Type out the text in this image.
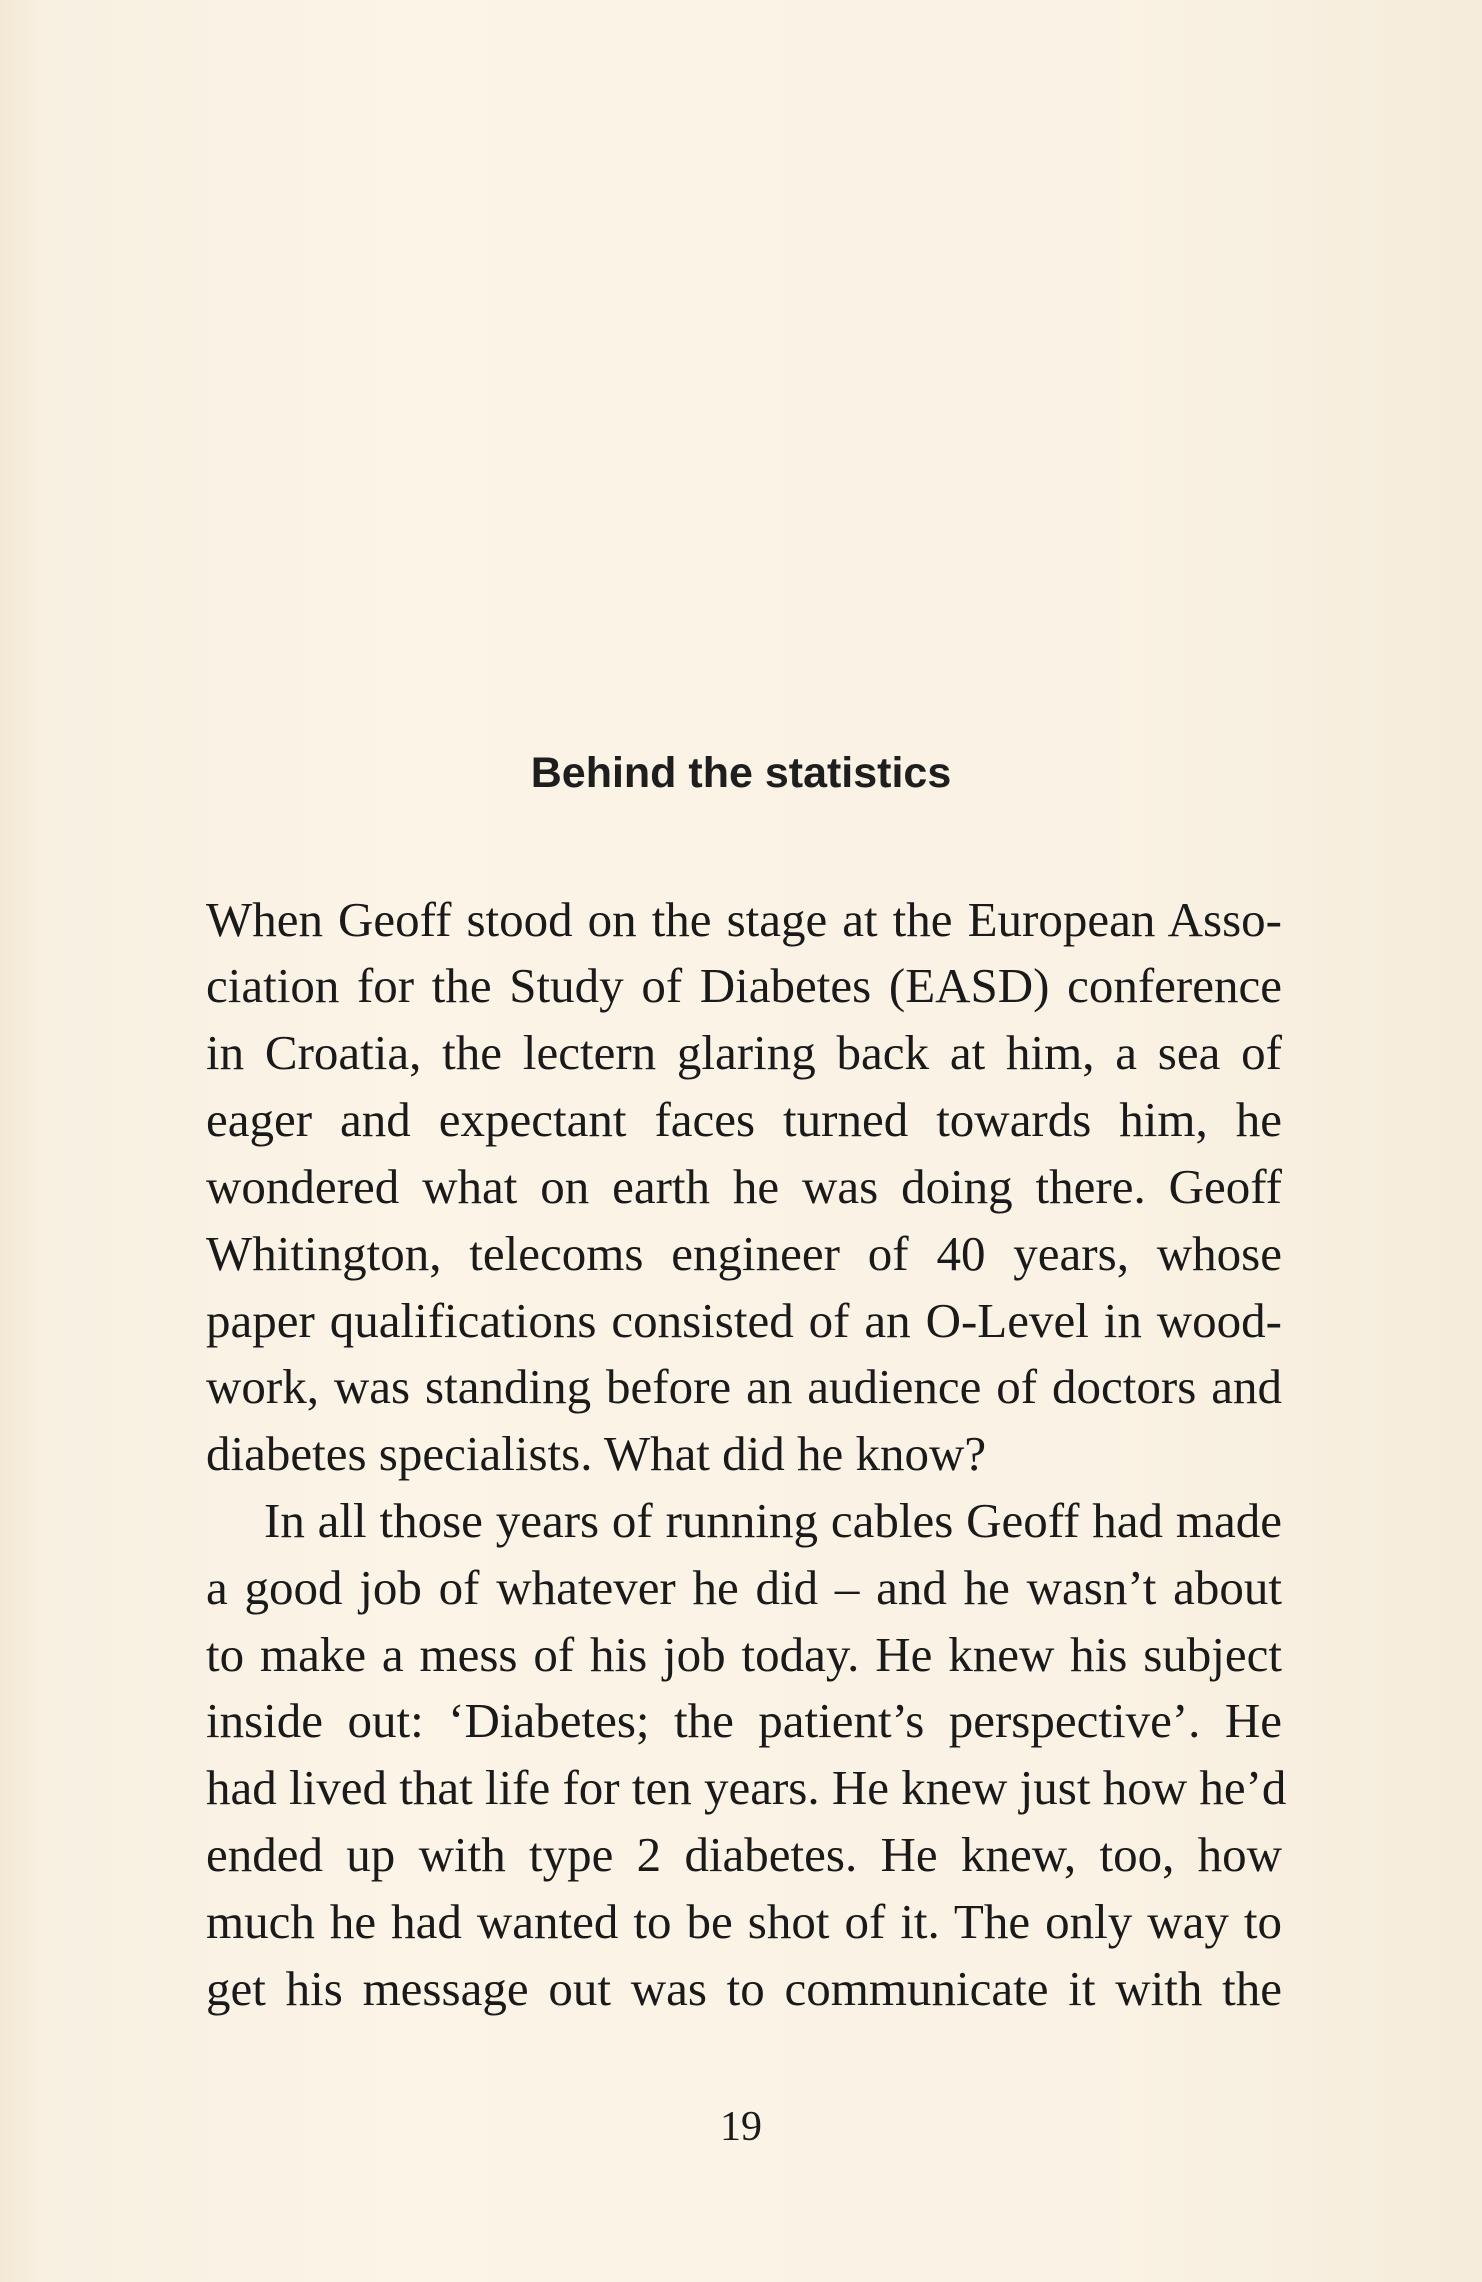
Behind the statistics

When Geoff stood on the stage at the European Asso-

ciation for the Study of Diabetes (EASD) conference

in Croatia, the lectern glaring back at him, a sea of

eager and expectant faces turned towards him, he

wondered what on earth he was doing there. Geoff

Whitington, telecoms engineer of 40 years, whose

paper qualifications consisted of an O-Level in wood-

work, was standing before an audience of doctors and

diabetes specialists. What did he know?

In all those years of running cables Geoff had made

a good job of whatever he did – and he wasn’t about

to make a mess of his job today. He knew his subject

inside out: ‘Diabetes; the patient’s perspective’. He

had lived that life for ten years. He knew just how he’d

ended up with type 2 diabetes. He knew, too, how

much he had wanted to be shot of it. The only way to

get his message out was to communicate it with the

19
